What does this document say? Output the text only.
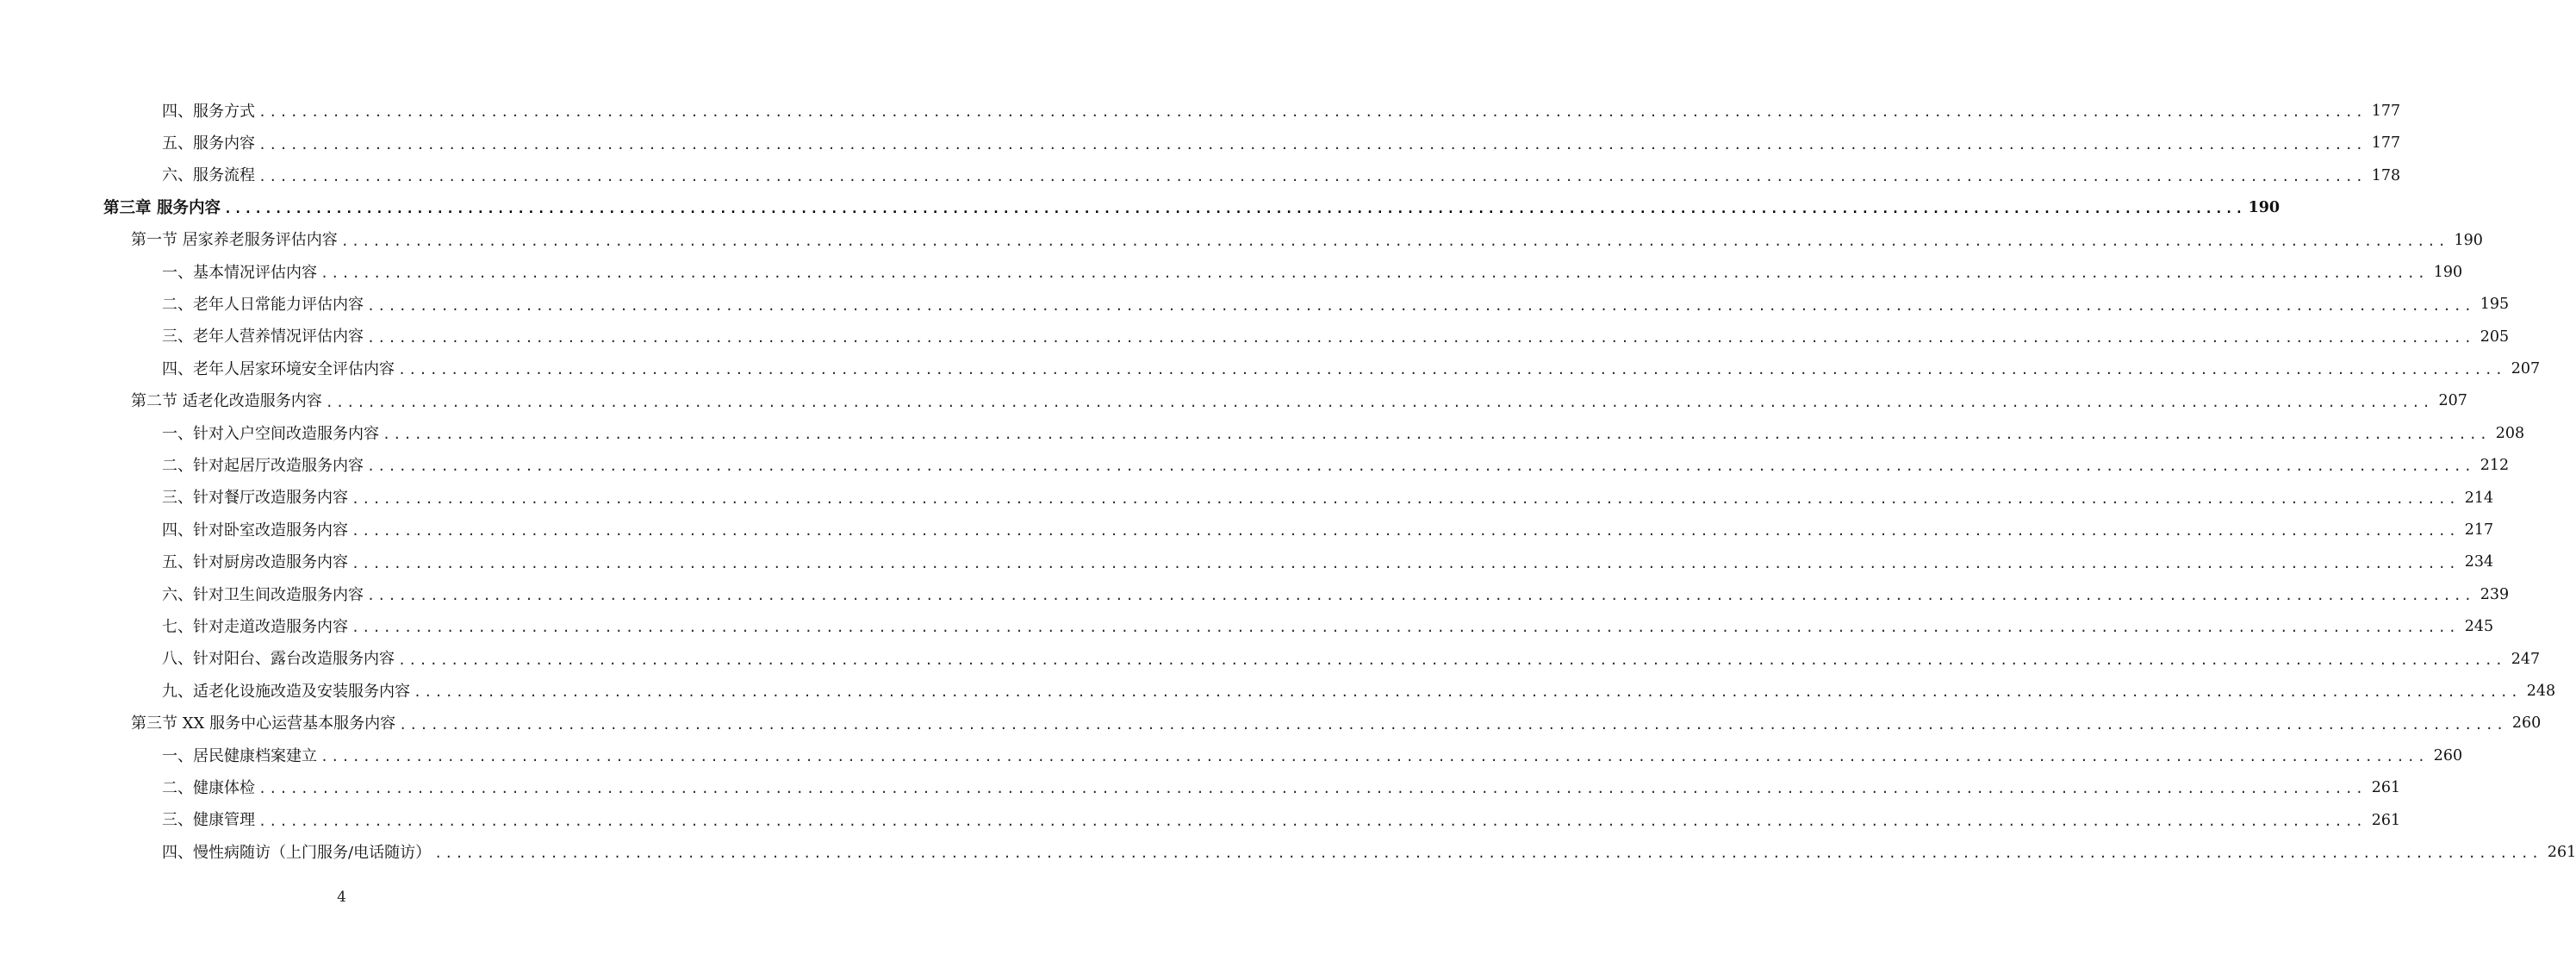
四、服务方式 ........................................................................................................................................................................................................ 177
五、服务内容 ........................................................................................................................................................................................................ 177
六、服务流程 ........................................................................................................................................................................................................ 178
第三章 服务内容 ........................................................................................................................................................................................................ 190
第一节 居家养老服务评估内容 ........................................................................................................................................................................................................ 190
一、基本情况评估内容 ........................................................................................................................................................................................................ 190
二、老年人日常能力评估内容 ........................................................................................................................................................................................................ 195
三、老年人营养情况评估内容 ........................................................................................................................................................................................................ 205
四、老年人居家环境安全评估内容 ........................................................................................................................................................................................................ 207
第二节 适老化改造服务内容 ........................................................................................................................................................................................................ 207
一、针对入户空间改造服务内容 ........................................................................................................................................................................................................ 208
二、针对起居厅改造服务内容 ........................................................................................................................................................................................................ 212
三、针对餐厅改造服务内容 ........................................................................................................................................................................................................ 214
四、针对卧室改造服务内容 ........................................................................................................................................................................................................ 217
五、针对厨房改造服务内容 ........................................................................................................................................................................................................ 234
六、针对卫生间改造服务内容 ........................................................................................................................................................................................................ 239
七、针对走道改造服务内容 ........................................................................................................................................................................................................ 245
八、针对阳台、露台改造服务内容 ........................................................................................................................................................................................................ 247
九、适老化设施改造及安装服务内容 ........................................................................................................................................................................................................ 248
第三节 XX 服务中心运营基本服务内容 ........................................................................................................................................................................................................ 260
一、居民健康档案建立 ........................................................................................................................................................................................................ 260
二、健康体检 ........................................................................................................................................................................................................ 261
三、健康管理 ........................................................................................................................................................................................................ 261
四、慢性病随访（上门服务/电话随访） ........................................................................................................................................................................................................ 261
4
